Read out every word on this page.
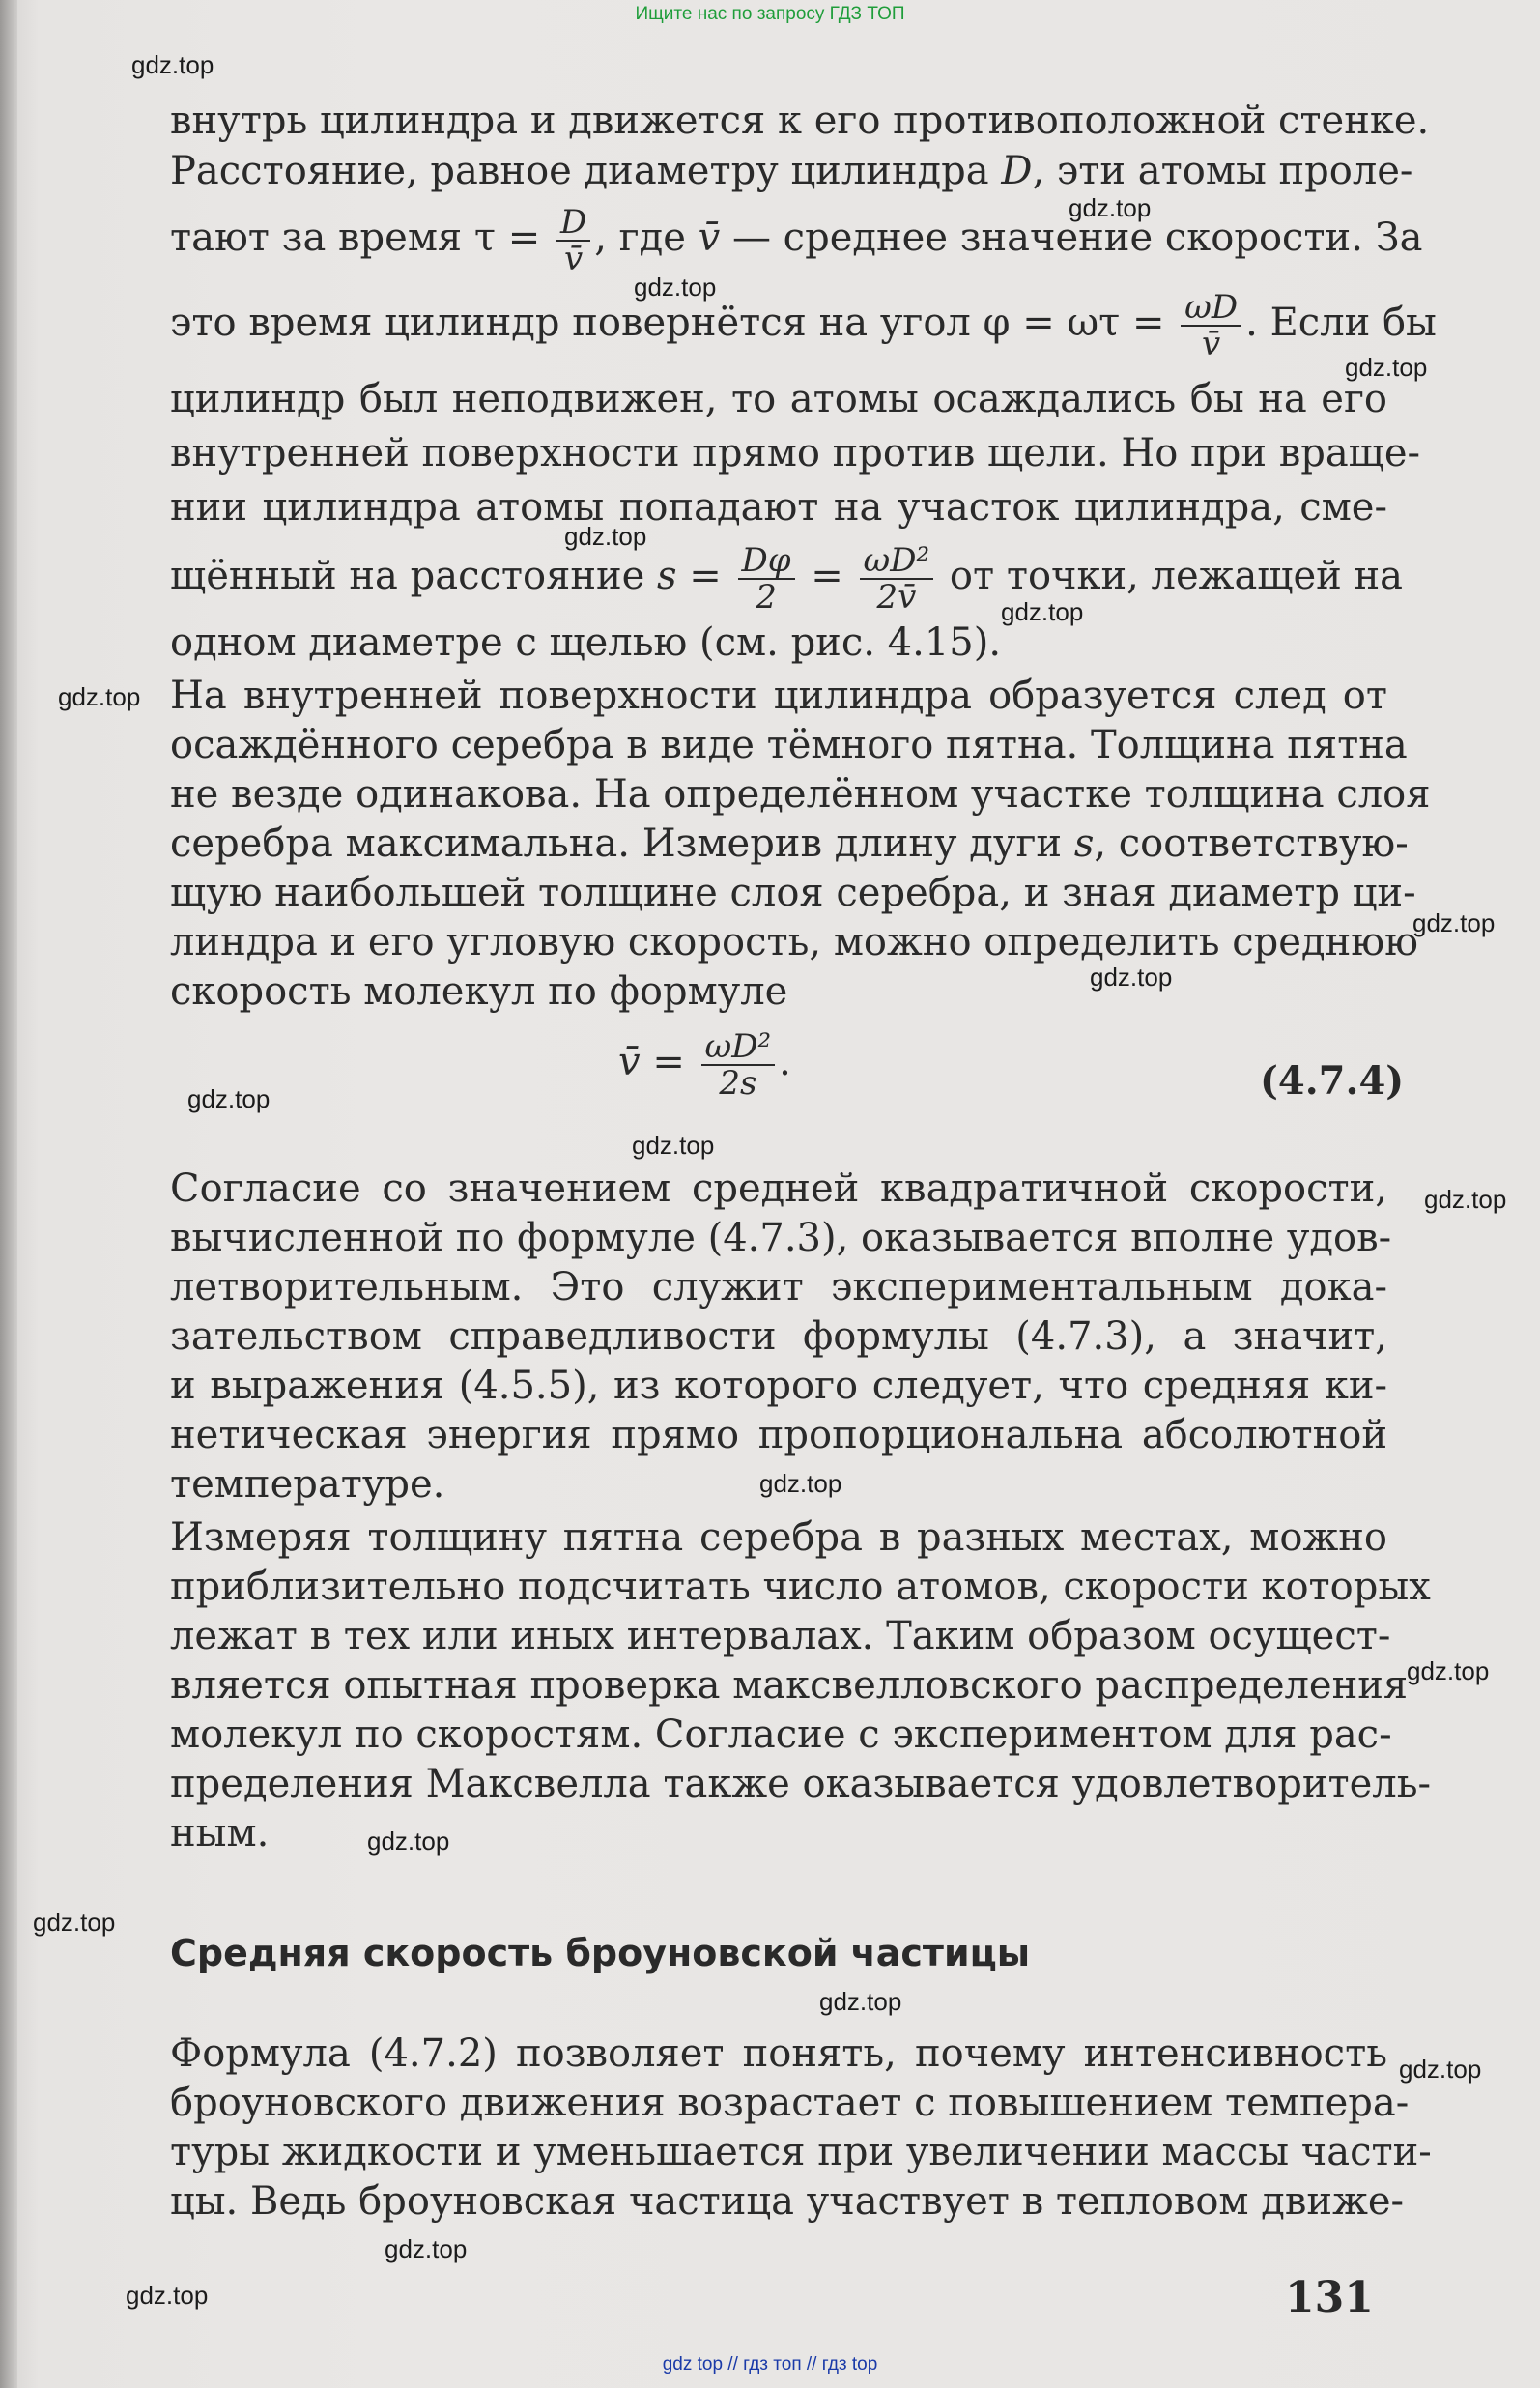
Ищите нас по запросу ГДЗ ТОП
внутрь цилиндра и движется к его противоположной стенке.
Расстояние, равное диаметру цилиндра D, эти атомы проле-
тают за время $\tau = \frac{D}{v̄}$ , где v̄ — среднее значение скорости. За
это время цилиндр повернётся на угол $\varphi = \omega\tau = \frac{\omega D}{v̄}$ . Если бы
цилиндр был неподвижен, то атомы осаждались бы на его
внутренней поверхности прямо против щели. Но при враще-
нии цилиндра атомы попадают на участок цилиндра, сме-
щённый на расстояние $s = \frac{D\varphi}{2} = \frac{\text{ωD²}}{2v̄}$ от точки, лежащей на
одном диаметре с щелью (см. рис. 4.15).
На внутренней поверхности цилиндра образуется след от
осаждённого серебра в виде тёмного пятна. Толщина пятна
не везде одинакова. На определённом участке толщина слоя
серебра максимальна. Измерив длину дуги s, соответствую-
щую наибольшей толщине слоя серебра, и зная диаметр ци-
линдра и его угловую скорость, можно определить среднюю
скорость молекул по формуле
v̄ = $\frac{\text{ωD²}}{2s}$ .	(4.7.4)
Согласие со значением средней квадратичной скорости,
вычисленной по формуле (4.7.3), оказывается вполне удов-
летворительным. Это служит экспериментальным дока-
зательством справедливости формулы (4.7.3), а значит,
и выражения (4.5.5), из которого следует, что средняя ки-
нетическая энергия прямо пропорциональна абсолютной
температуре.
Измеряя толщину пятна серебра в разных местах, можно
приблизительно подсчитать число атомов, скорости которых
лежат в тех или иных интервалах. Таким образом осущест-
вляется опытная проверка максвелловского распределения
молекул по скоростям. Согласие с экспериментом для рас-
пределения Максвелла также оказывается удовлетворитель-
ным.
Средняя скорость броуновской частицы
Формула (4.7.2) позволяет понять, почему интенсивность
броуновского движения возрастает с повышением темпера-
туры жидкости и уменьшается при увеличении массы части-
цы. Ведь броуновская частица участвует в тепловом движе-
131
gdz.top
gdz.top
gdz.top
gdz.top
gdz.top
gdz.top
gdz.top
gdz.top
gdz.top
gdz.top
gdz.top
gdz.top
gdz.top
gdz.top
gdz.top
gdz.top
gdz.top
gdz.top
gdz.top
gdz.top
gdz top // гдз топ // гдз top
